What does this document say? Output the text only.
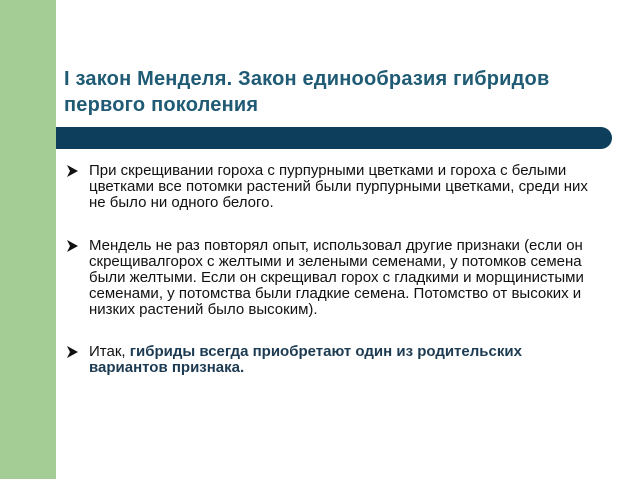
I закон Менделя. Закон единообразия гибридов первого поколения
При скрещивании гороха с пурпурными цветками и гороха с белыми цветками все потомки растений были пурпурными цветками, среди них не было ни одного белого.
Мендель не раз повторял опыт, использовал другие признаки (если он скрещивалгорох с желтыми и зелеными семенами, у потомков семена были желтыми. Если он скрещивал горох с гладкими и морщинистыми семенами, у потомства были гладкие семена. Потомство от высоких и низких растений было высоким).
Итак, гибриды всегда приобретают один из родительских вариантов признака.
